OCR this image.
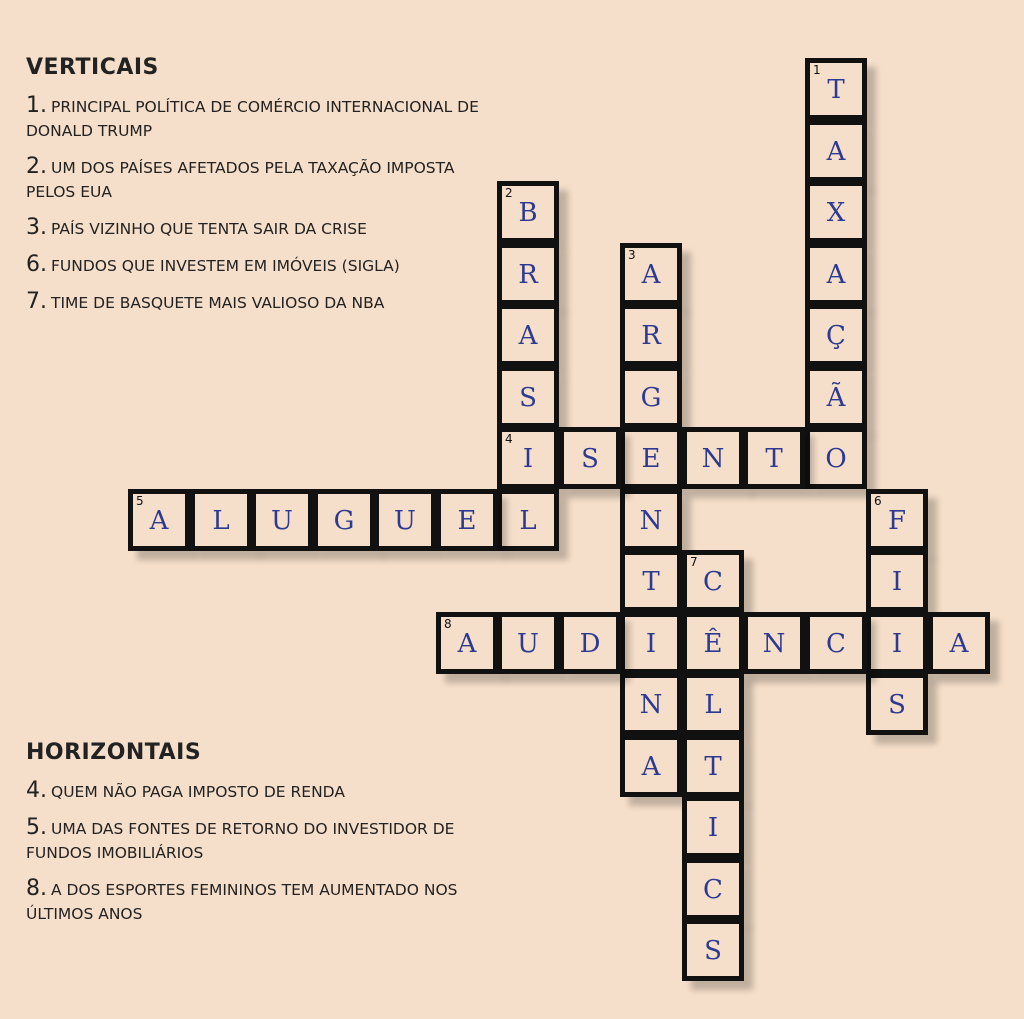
VERTICAIS
1. PRINCIPAL POLÍTICA DE COMÉRCIO INTERNACIONAL DE DONALD TRUMP
2. UM DOS PAÍSES AFETADOS PELA TAXAÇÃO IMPOSTA PELOS EUA
3. PAÍS VIZINHO QUE TENTA SAIR DA CRISE
6. FUNDOS QUE INVESTEM EM IMÓVEIS (SIGLA)
7. TIME DE BASQUETE MAIS VALIOSO DA NBA
HORIZONTAIS
4. QUEM NÃO PAGA IMPOSTO DE RENDA
5. UMA DAS FONTES DE RETORNO DO INVESTIDOR DE FUNDOS IMOBILIÁRIOS
8. A DOS ESPORTES FEMININOS TEM AUMENTADO NOS ÚLTIMOS ANOS
1
T
A
X
A
Ç
Ã
O
2
B
R
A
S
4
I
L
3
A
R
G
E
N
T
I
N
A
S	N	T
5
A	L	U	G	U	E
6
F
I
I
S
7
C
Ê
L
T
I
C
S
8
A	U	D	N	C	A
